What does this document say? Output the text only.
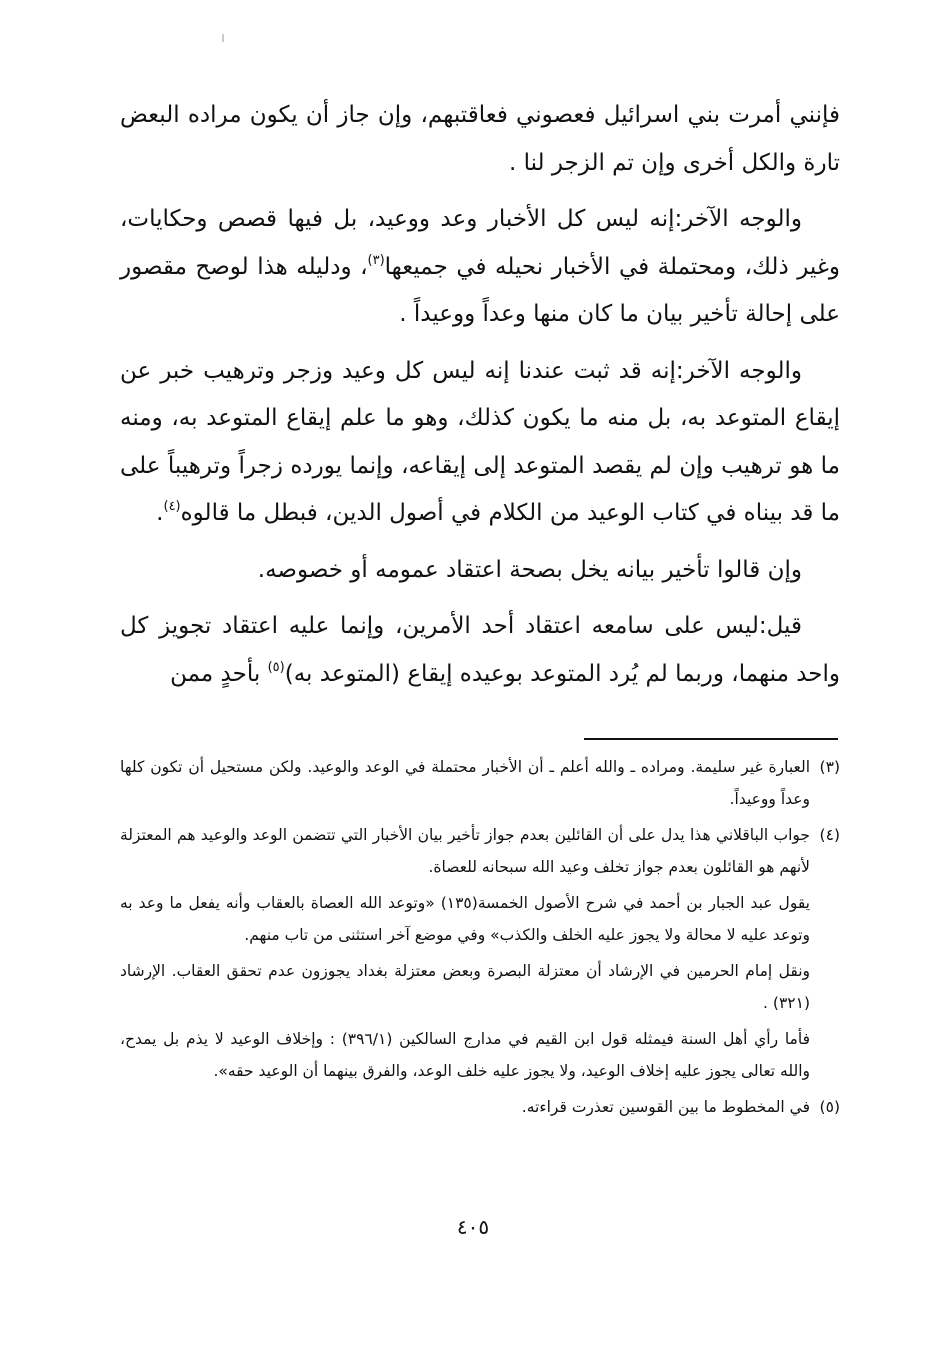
فإنني أمرت بني اسرائيل فعصوني فعاقتبهم، وإن جاز أن يكون مراده البعض تارة والكل أخرى وإن تم الزجر لنا .

والوجه الآخر:إنه ليس كل الأخبار وعد ووعيد، بل فيها قصص وحكايات، وغير ذلك، ومحتملة في الأخبار نحيله في جميعها$^{(٣)}$، ودليله هذا لوصح مقصور على إحالة تأخير بيان ما كان منها وعداً ووعيداً .

والوجه الآخر:إنه قد ثبت عندنا إنه ليس كل وعيد وزجر وترهيب خبر عن إيقاع المتوعد به، بل منه ما يكون كذلك، وهو ما علم إيقاع المتوعد به، ومنه ما هو ترهيب وإن لم يقصد المتوعد إلى إيقاعه، وإنما يورده زجراً وترهيباً على ما قد بيناه في كتاب الوعيد من الكلام في أصول الدين، فبطل ما قالوه$^{(٤)}$.

وإن قالوا تأخير بيانه يخل بصحة اعتقاد عمومه أو خصوصه.

قيل:ليس على سامعه اعتقاد أحد الأمرين، وإنما عليه اعتقاد تجويز كل واحد منهما، وربما لم يُرد المتوعد بوعيده إيقاع (المتوعد به)$^{(٥)}$ بأحدٍ ممن

(٣)
العبارة غير سليمة. ومراده ـ والله أعلم ـ أن الأخبار محتملة في الوعد والوعيد. ولكن مستحيل أن تكون كلها وعداً ووعيداً.

(٤)
جواب الباقلاني هذا يدل على أن القائلين بعدم جواز تأخير بيان الأخبار التي تتضمن الوعد والوعيد هم المعتزلة لأنهم هو القائلون بعدم جواز تخلف وعيد الله سبحانه للعصاة.

يقول عبد الجبار بن أحمد في شرح الأصول الخمسة(١٣٥) «وتوعد الله العصاة بالعقاب وأنه يفعل ما وعد به وتوعد عليه لا محالة ولا يجوز عليه الخلف والكذب» وفي موضع آخر استثنى من تاب منهم.

ونقل إمام الحرمين في الإرشاد أن معتزلة البصرة وبعض معتزلة بغداد يجوزون عدم تحقق العقاب. الإرشاد (٣٢١) .

فأما رأي أهل السنة فيمثله قول ابن القيم في مدارج السالكين (٣٩٦/١) : وإخلاف الوعيد لا يذم بل يمدح، والله تعالى يجوز عليه إخلاف الوعيد، ولا يجوز عليه خلف الوعد، والفرق بينهما أن الوعيد حقه».

(٥)
في المخطوط ما بين القوسين تعذرت قراءته.

٤٠٥
